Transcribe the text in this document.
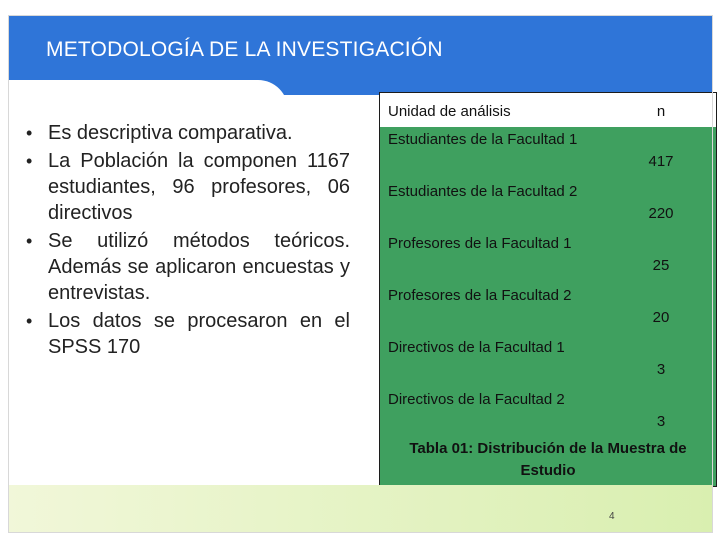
METODOLOGÍA DE LA INVESTIGACIÓN
• Es descriptiva comparativa.
• La Población la componen 1167 estudiantes, 96 profesores, 06 directivos
• Se utilizó métodos teóricos. Además se aplicaron encuestas y entrevistas.
• Los datos se procesaron en el SPSS 170
Unidad de análisis	n
Estudiantes de la Facultad 1	417
Estudiantes de la Facultad 2	220
Profesores de la Facultad 1	25
Profesores de la Facultad 2	20
Directivos de la Facultad 1	3
Directivos de la Facultad 2	3
Tabla 01: Distribución de la Muestra de Estudio
4
